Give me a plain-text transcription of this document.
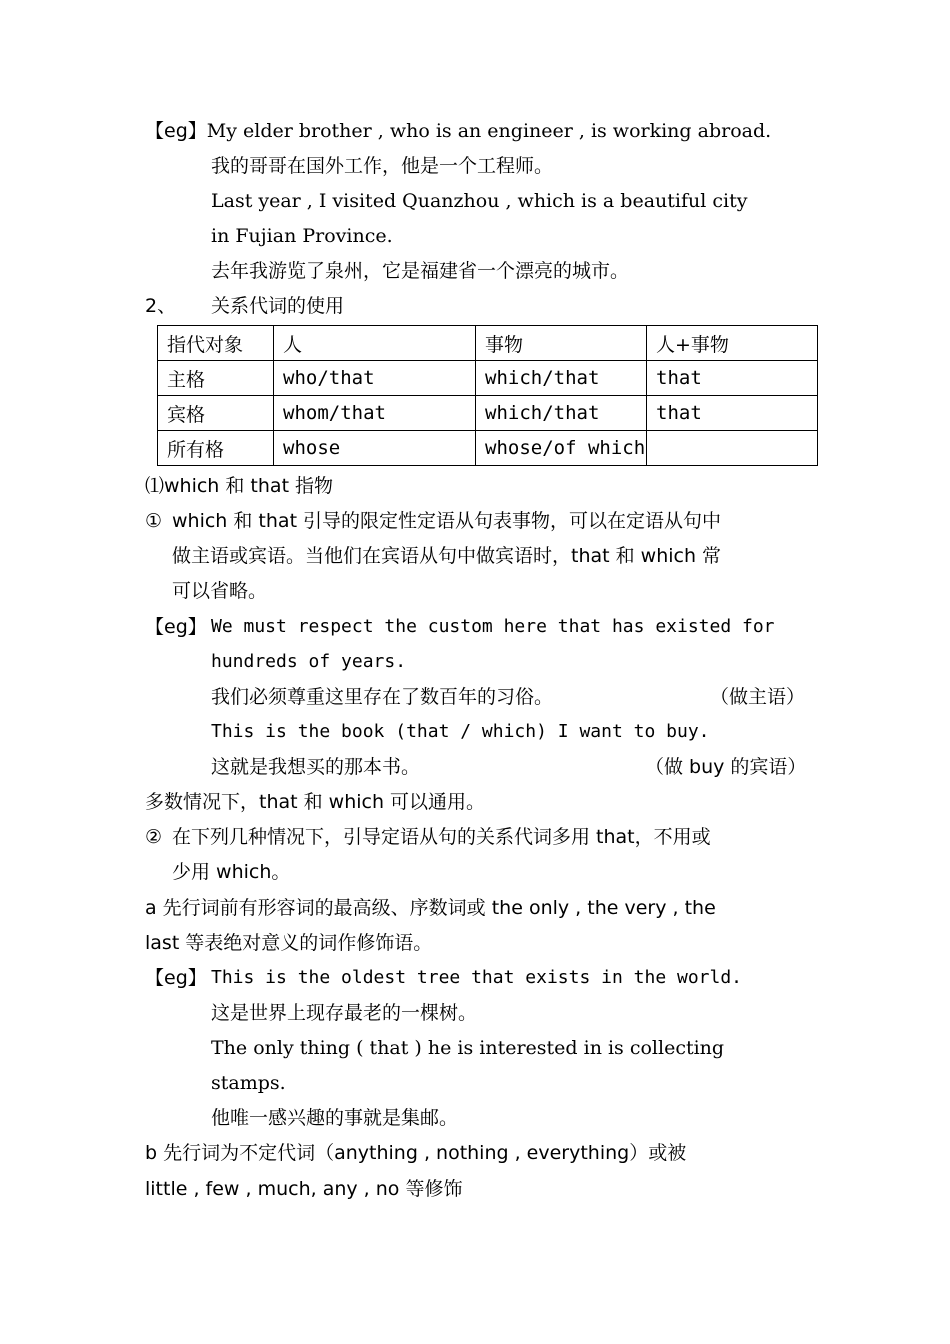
【eg】My elder brother , who is an engineer , is working abroad.
我的哥哥在国外工作，他是一个工程师。
Last year , I visited Quanzhou , which is a beautiful city
in Fujian Province.
去年我游览了泉州，它是福建省一个漂亮的城市。
2、 关系代词的使用
指代对象	人	事物	人+事物
主格	who/that	which/that	that
宾格	whom/that	which/that	that
所有格	whose	whose/of which	
⑴which 和 that 指物
① which 和 that 引导的限定性定语从句表事物，可以在定语从句中
做主语或宾语。当他们在宾语从句中做宾语时，that 和 which 常
可以省略。
【eg】 We must respect the custom here that has existed for
hundreds of years.
我们必须尊重这里存在了数百年的习俗。	（做主语）
This is the book (that / which) I want to buy.
这就是我想买的那本书。	（做 buy 的宾语）
多数情况下，that 和 which 可以通用。
② 在下列几种情况下，引导定语从句的关系代词多用 that，不用或
少用 which。
a 先行词前有形容词的最高级、序数词或 the only , the very , the
last 等表绝对意义的词作修饰语。
【eg】 This is the oldest tree that exists in the world.
这是世界上现存最老的一棵树。
The only thing ( that ) he is interested in is collecting
stamps.
他唯一感兴趣的事就是集邮。
b 先行词为不定代词（anything , nothing , everything）或被
little , few , much, any , no 等修饰
